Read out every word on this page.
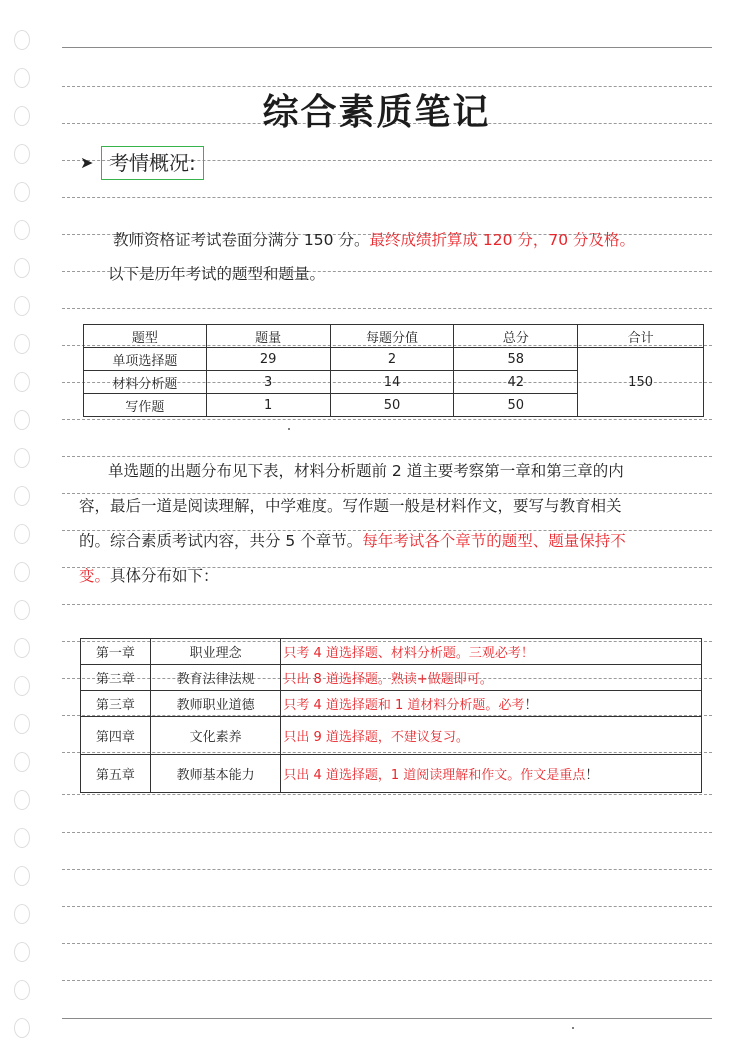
综合素质笔记
➤ 考情概况:
教师资格证考试卷面分满分 150 分。最终成绩折算成 120 分，70 分及格。
以下是历年考试的题型和题量。
题型	题量	每题分值	总分	合计
单项选择题	29	2	58	150
材料分析题	3	14	42	
写作题	1	50	50	
单选题的出题分布见下表，材料分析题前 2 道主要考察第一章和第三章的内
容，最后一道是阅读理解，中学难度。写作题一般是材料作文，要写与教育相关
的。综合素质考试内容，共分 5 个章节。每年考试各个章节的题型、题量保持不
变。具体分布如下：
第一章	职业理念	只考 4 道选择题、材料分析题。三观必考！
第二章	教育法律法规	只出 8 道选择题。熟读+做题即可。
第三章	教师职业道德	只考 4 道选择题和 1 道材料分析题。必考！
第四章	文化素养	只出 9 道选择题，不建议复习。
第五章	教师基本能力	只出 4 道选择题，1 道阅读理解和作文。作文是重点！
